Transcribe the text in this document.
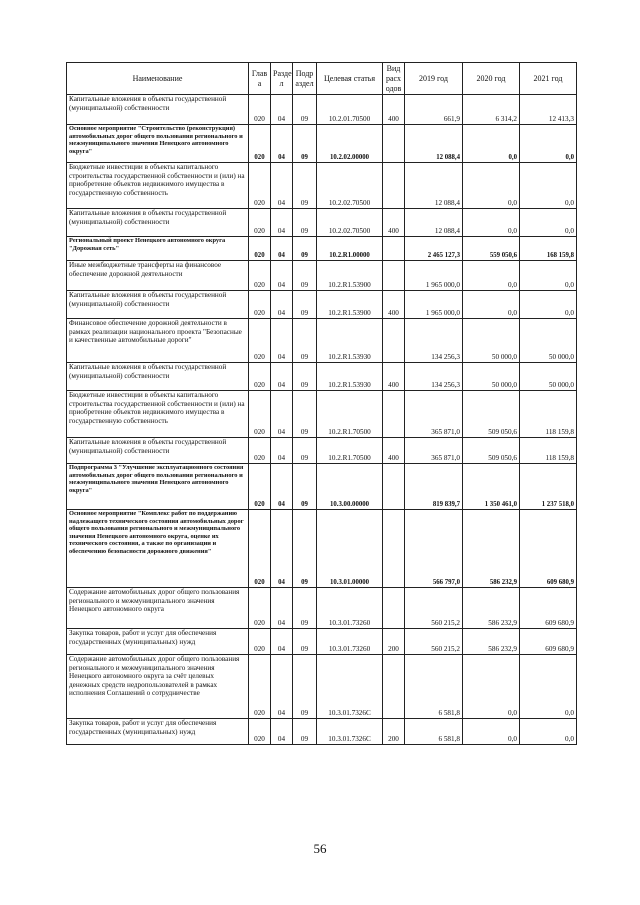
Наименование	Глав а	Разде л	Подр аздел	Целевая статья	Вид расх одов	2019 год	2020 год	2021 год
Капитальные вложения в объекты государственной (муниципальной) собственности	020	04	09	10.2.01.70500	400	661,9	6 314,2	12 413,3
Основное мероприятие "Строительство (реконструкция) автомобильных дорог общего пользования регионального и межмуниципального значения Ненецкого автономного округа"	020	04	09	10.2.02.00000		12 088,4	0,0	0,0
Бюджетные инвестиции в объекты капитального строительства государственной собственности и (или) на приобретение объектов недвижимого имущества в государственную собственность	020	04	09	10.2.02.70500		12 088,4	0,0	0,0
Капитальные вложения в объекты государственной (муниципальной) собственности	020	04	09	10.2.02.70500	400	12 088,4	0,0	0,0
Региональный проект Ненецкого автономного округа "Дорожная сеть"	020	04	09	10.2.R1.00000		2 465 127,3	559 050,6	168 159,8
Иные межбюджетные трансферты на финансовое обеспечение дорожной деятельности	020	04	09	10.2.R1.53900		1 965 000,0	0,0	0,0
Капитальные вложения в объекты государственной (муниципальной) собственности	020	04	09	10.2.R1.53900	400	1 965 000,0	0,0	0,0
Финансовое обеспечение дорожной деятельности в рамках реализации национального проекта "Безопасные и качественные автомобильные дороги"	020	04	09	10.2.R1.53930		134 256,3	50 000,0	50 000,0
Капитальные вложения в объекты государственной (муниципальной) собственности	020	04	09	10.2.R1.53930	400	134 256,3	50 000,0	50 000,0
Бюджетные инвестиции в объекты капитального строительства государственной собственности и (или) на приобретение объектов недвижимого имущества в государственную собственность	020	04	09	10.2.R1.70500		365 871,0	509 050,6	118 159,8
Капитальные вложения в объекты государственной (муниципальной) собственности	020	04	09	10.2.R1.70500	400	365 871,0	509 050,6	118 159,8
Подпрограмма 3 "Улучшение эксплуатационного состояния автомобильных дорог общего пользования регионального и межмуниципального значения Ненецкого автономного округа"	020	04	09	10.3.00.00000		819 839,7	1 350 461,0	1 237 518,0
Основное мероприятие "Комплекс работ по поддержанию надлежащего технического состояния автомобильных дорог общего пользования регионального и межмуниципального значения Ненецкого автономного округа, оценке их технического состояния, а также по организации и обеспечению безопасности дорожного движения"	020	04	09	10.3.01.00000		566 797,0	586 232,9	609 680,9
Содержание автомобильных дорог общего пользования регионального и межмуниципального значения Ненецкого автономного округа	020	04	09	10.3.01.73260		560 215,2	586 232,9	609 680,9
Закупка товаров, работ и услуг для обеспечения государственных (муниципальных) нужд	020	04	09	10.3.01.73260	200	560 215,2	586 232,9	609 680,9
Содержание автомобильных дорог общего пользования регионального и межмуниципального значения Ненецкого автономного округа за счёт целевых денежных средств недропользователей в рамках исполнения Соглашений о сотрудничестве	020	04	09	10.3.01.7326С		6 581,8	0,0	0,0
Закупка товаров, работ и услуг для обеспечения государственных (муниципальных) нужд	020	04	09	10.3.01.7326С	200	6 581,8	0,0	0,0
56
